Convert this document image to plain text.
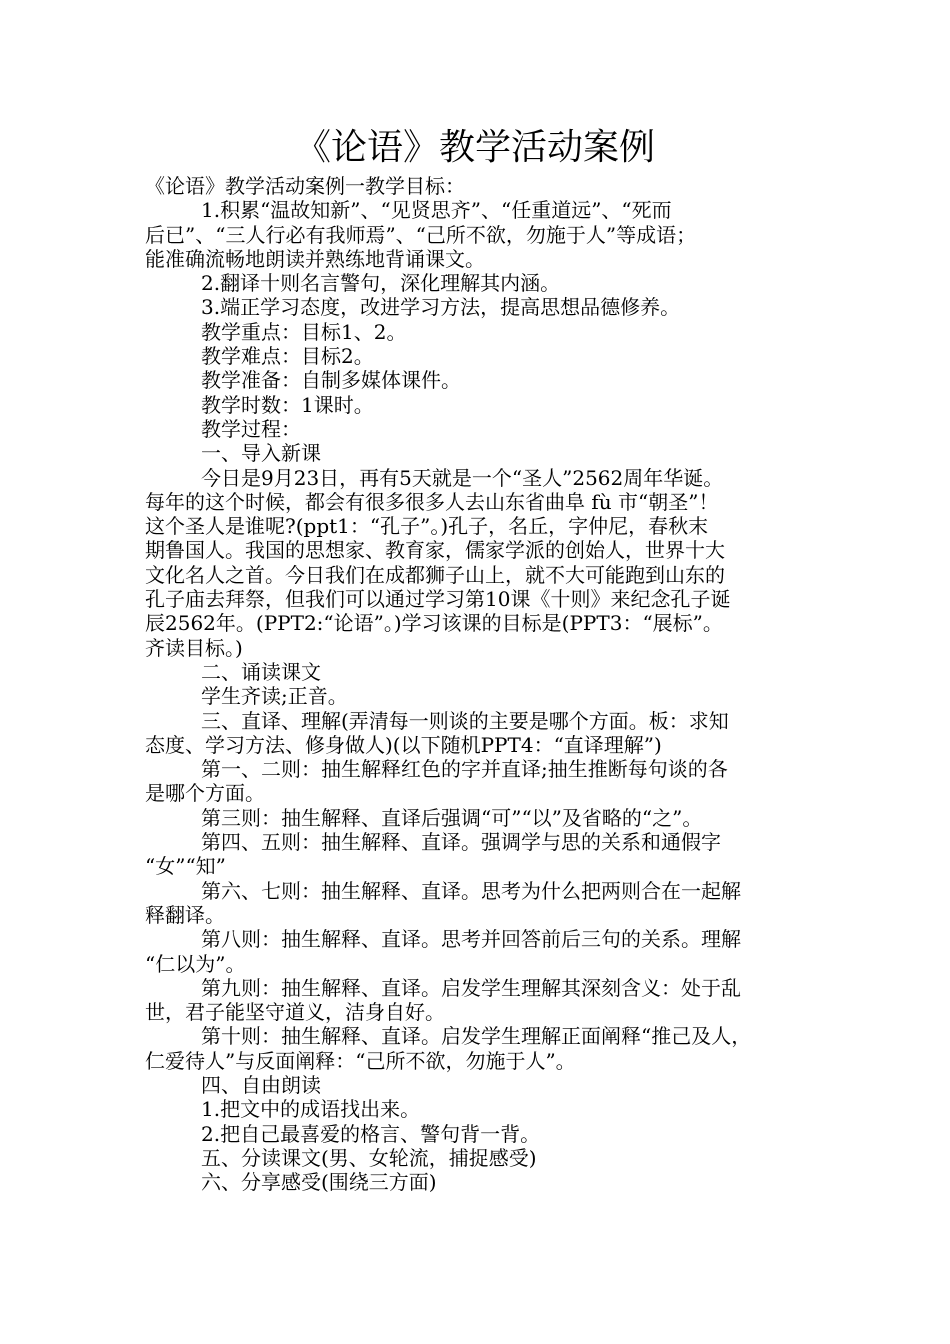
《论语》教学活动案例

《论语》教学活动案例一教学目标：

1.积累“温故知新”、“见贤思齐”、“任重道远”、“死而

后已”、“三人行必有我师焉”、“己所不欲，勿施于人”等成语；

能准确流畅地朗读并熟练地背诵课文。

2.翻译十则名言警句，深化理解其内涵。

3.端正学习态度，改进学习方法，提高思想品德修养。

教学重点：目标1、2。

教学难点：目标2。

教学准备：自制多媒体课件。

教学时数：1课时。

教学过程：

一、导入新课

今日是9月23日，再有5天就是一个“圣人”2562周年华诞。

每年的这个时候，都会有很多很多人去山东省曲阜 fù 市“朝圣”！

这个圣人是谁呢?(ppt1：“孔子”。)孔子，名丘，字仲尼，春秋末

期鲁国人。我国的思想家、教育家，儒家学派的创始人，世界十大

文化名人之首。今日我们在成都狮子山上，就不大可能跑到山东的

孔子庙去拜祭，但我们可以通过学习第10课《十则》来纪念孔子诞

辰2562年。(PPT2:“论语”。)学习该课的目标是(PPT3：“展标”。

齐读目标。)

二、诵读课文

学生齐读;正音。

三、直译、理解(弄清每一则谈的主要是哪个方面。板：求知

态度、学习方法、修身做人)(以下随机PPT4：“直译理解”)

第一、二则：抽生解释红色的字并直译;抽生推断每句谈的各

是哪个方面。

第三则：抽生解释、直译后强调“可”“以”及省略的“之”。

第四、五则：抽生解释、直译。强调学与思的关系和通假字

“女”“知”

第六、七则：抽生解释、直译。思考为什么把两则合在一起解

释翻译。

第八则：抽生解释、直译。思考并回答前后三句的关系。理解

“仁以为”。

第九则：抽生解释、直译。启发学生理解其深刻含义：处于乱

世，君子能坚守道义，洁身自好。

第十则：抽生解释、直译。启发学生理解正面阐释“推己及人，

仁爱待人”与反面阐释：“己所不欲，勿施于人”。

四、自由朗读

1.把文中的成语找出来。

2.把自己最喜爱的格言、警句背一背。

五、分读课文(男、女轮流，捕捉感受)

六、分享感受(围绕三方面)
